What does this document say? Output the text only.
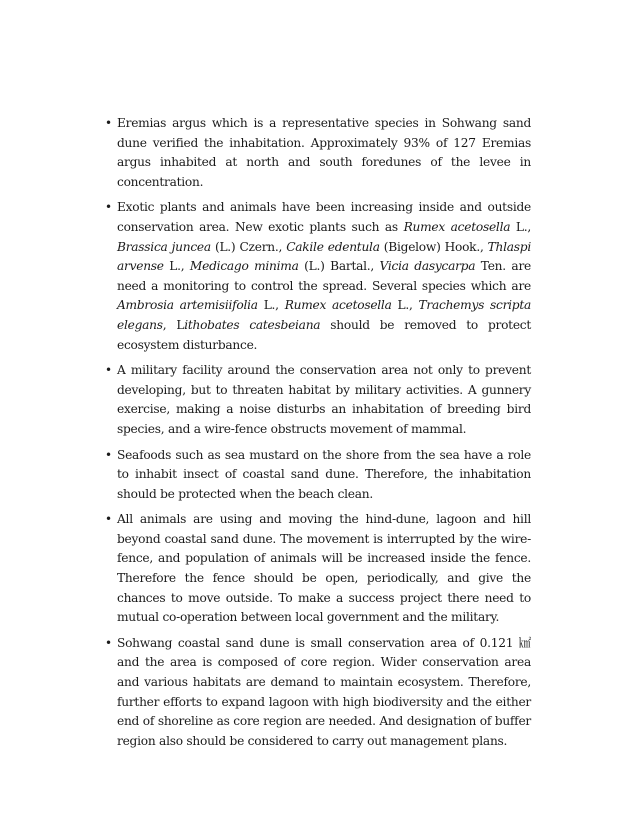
• Eremias argus which is a representative species in Sohwang sand dune verified the inhabitation. Approximately 93% of 127 Eremias argus inhabited at north and south foredunes of the levee in concentration.
• Exotic plants and animals have been increasing inside and outside conservation area. New exotic plants such as Rumex acetosella L., Brassica juncea (L.) Czern., Cakile edentula (Bigelow) Hook., Thlaspi arvense L., Medicago minima (L.) Bartal., Vicia dasycarpa Ten. are need a monitoring to control the spread. Several species which are Ambrosia artemisiifolia L., Rumex acetosella L., Trachemys scripta elegans, Lithobates catesbeiana should be removed to protect ecosystem disturbance.
• A military facility around the conservation area not only to prevent developing, but to threaten habitat by military activities. A gunnery exercise, making a noise disturbs an inhabitation of breeding bird species, and a wire-fence obstructs movement of mammal.
• Seafoods such as sea mustard on the shore from the sea have a role to inhabit insect of coastal sand dune. Therefore, the inhabitation should be protected when the beach clean.
• All animals are using and moving the hind-dune, lagoon and hill beyond coastal sand dune. The movement is interrupted by the wire-fence, and population of animals will be increased inside the fence. Therefore the fence should be open, periodically, and give the chances to move outside. To make a success project there need to mutual co-operation between local government and the military.
• Sohwang coastal sand dune is small conservation area of 0.121 ㎢ and the area is composed of core region. Wider conservation area and various habitats are demand to maintain ecosystem. Therefore, further efforts to expand lagoon with high biodiversity and the either end of shoreline as core region are needed. And designation of buffer region also should be considered to carry out management plans.
